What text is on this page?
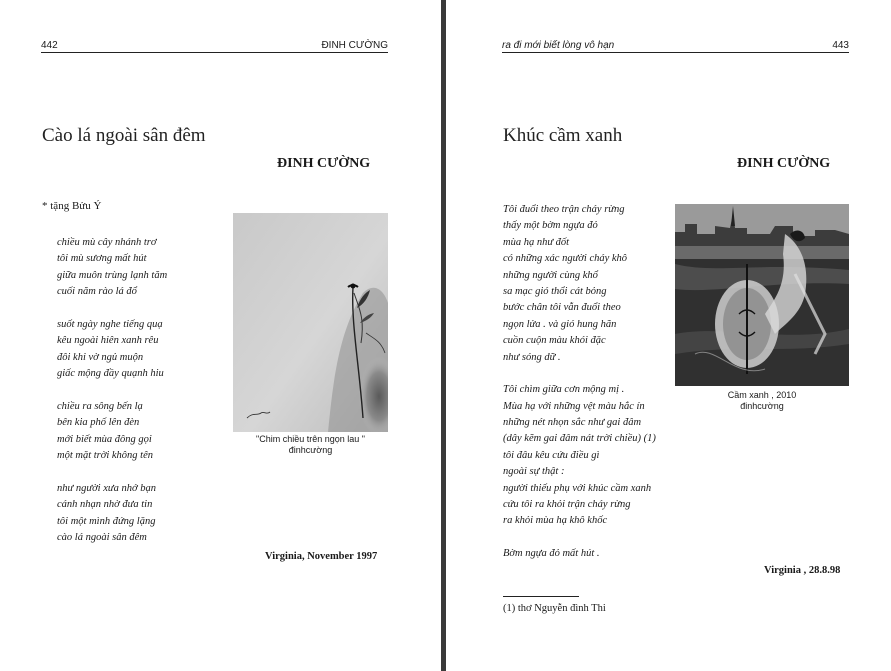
442	ĐINH CƯỜNG
Cào lá ngoài sân đêm
ĐINH CƯỜNG
* tặng Bửu Ý
chiều mù cây nhánh trơ
tôi mù sương mất hút
giữa muôn trùng lạnh tăm
cuối năm rào lá đổ
suốt ngày nghe tiếng quạ
kêu ngoài hiên xanh rêu
đôi khi vờ ngủ muộn
giấc mộng đầy quạnh hiu
chiều ra sông bến lạ
bên kia phố lên đèn
mới biết mùa đông gọi
một mặt trời không tên
như người xưa nhớ bạn
cánh nhạn nhờ đưa tin
tôi một mình đứng lặng
cào lá ngoài sân đêm
"Chim chiều trên ngọn lau "
đinhcường
Virginia, November 1997
ra đi mới biết lòng vô hạn	443
Khúc cầm xanh
ĐINH CƯỜNG
Tôi đuổi theo trận cháy rừng
thấy một bờm ngựa đỏ
mùa hạ như đốt
có những xác người cháy khô
những người cùng khổ
sa mạc gió thổi cát bỏng
bước chân tôi vẫn đuổi theo
ngọn lửa . và gió hung hãn
cuồn cuộn màu khói đặc
như sóng dữ .
Tôi chìm giữa cơn mộng mị .
Mùa hạ với những vệt màu hắc ín
những nét nhọn sắc như gai đâm
(dây kẽm gai đâm nát trời chiều) (1)
tôi đâu kêu cứu điều gì
ngoài sự thật :
người thiếu phụ với khúc cầm xanh
cứu tôi ra khỏi trận cháy rừng
ra khỏi mùa hạ khô khốc
Bờm ngựa đỏ mất hút .
Cầm xanh , 2010
đinhcường
Virginia , 28.8.98
(1) thơ Nguyễn đình Thi
